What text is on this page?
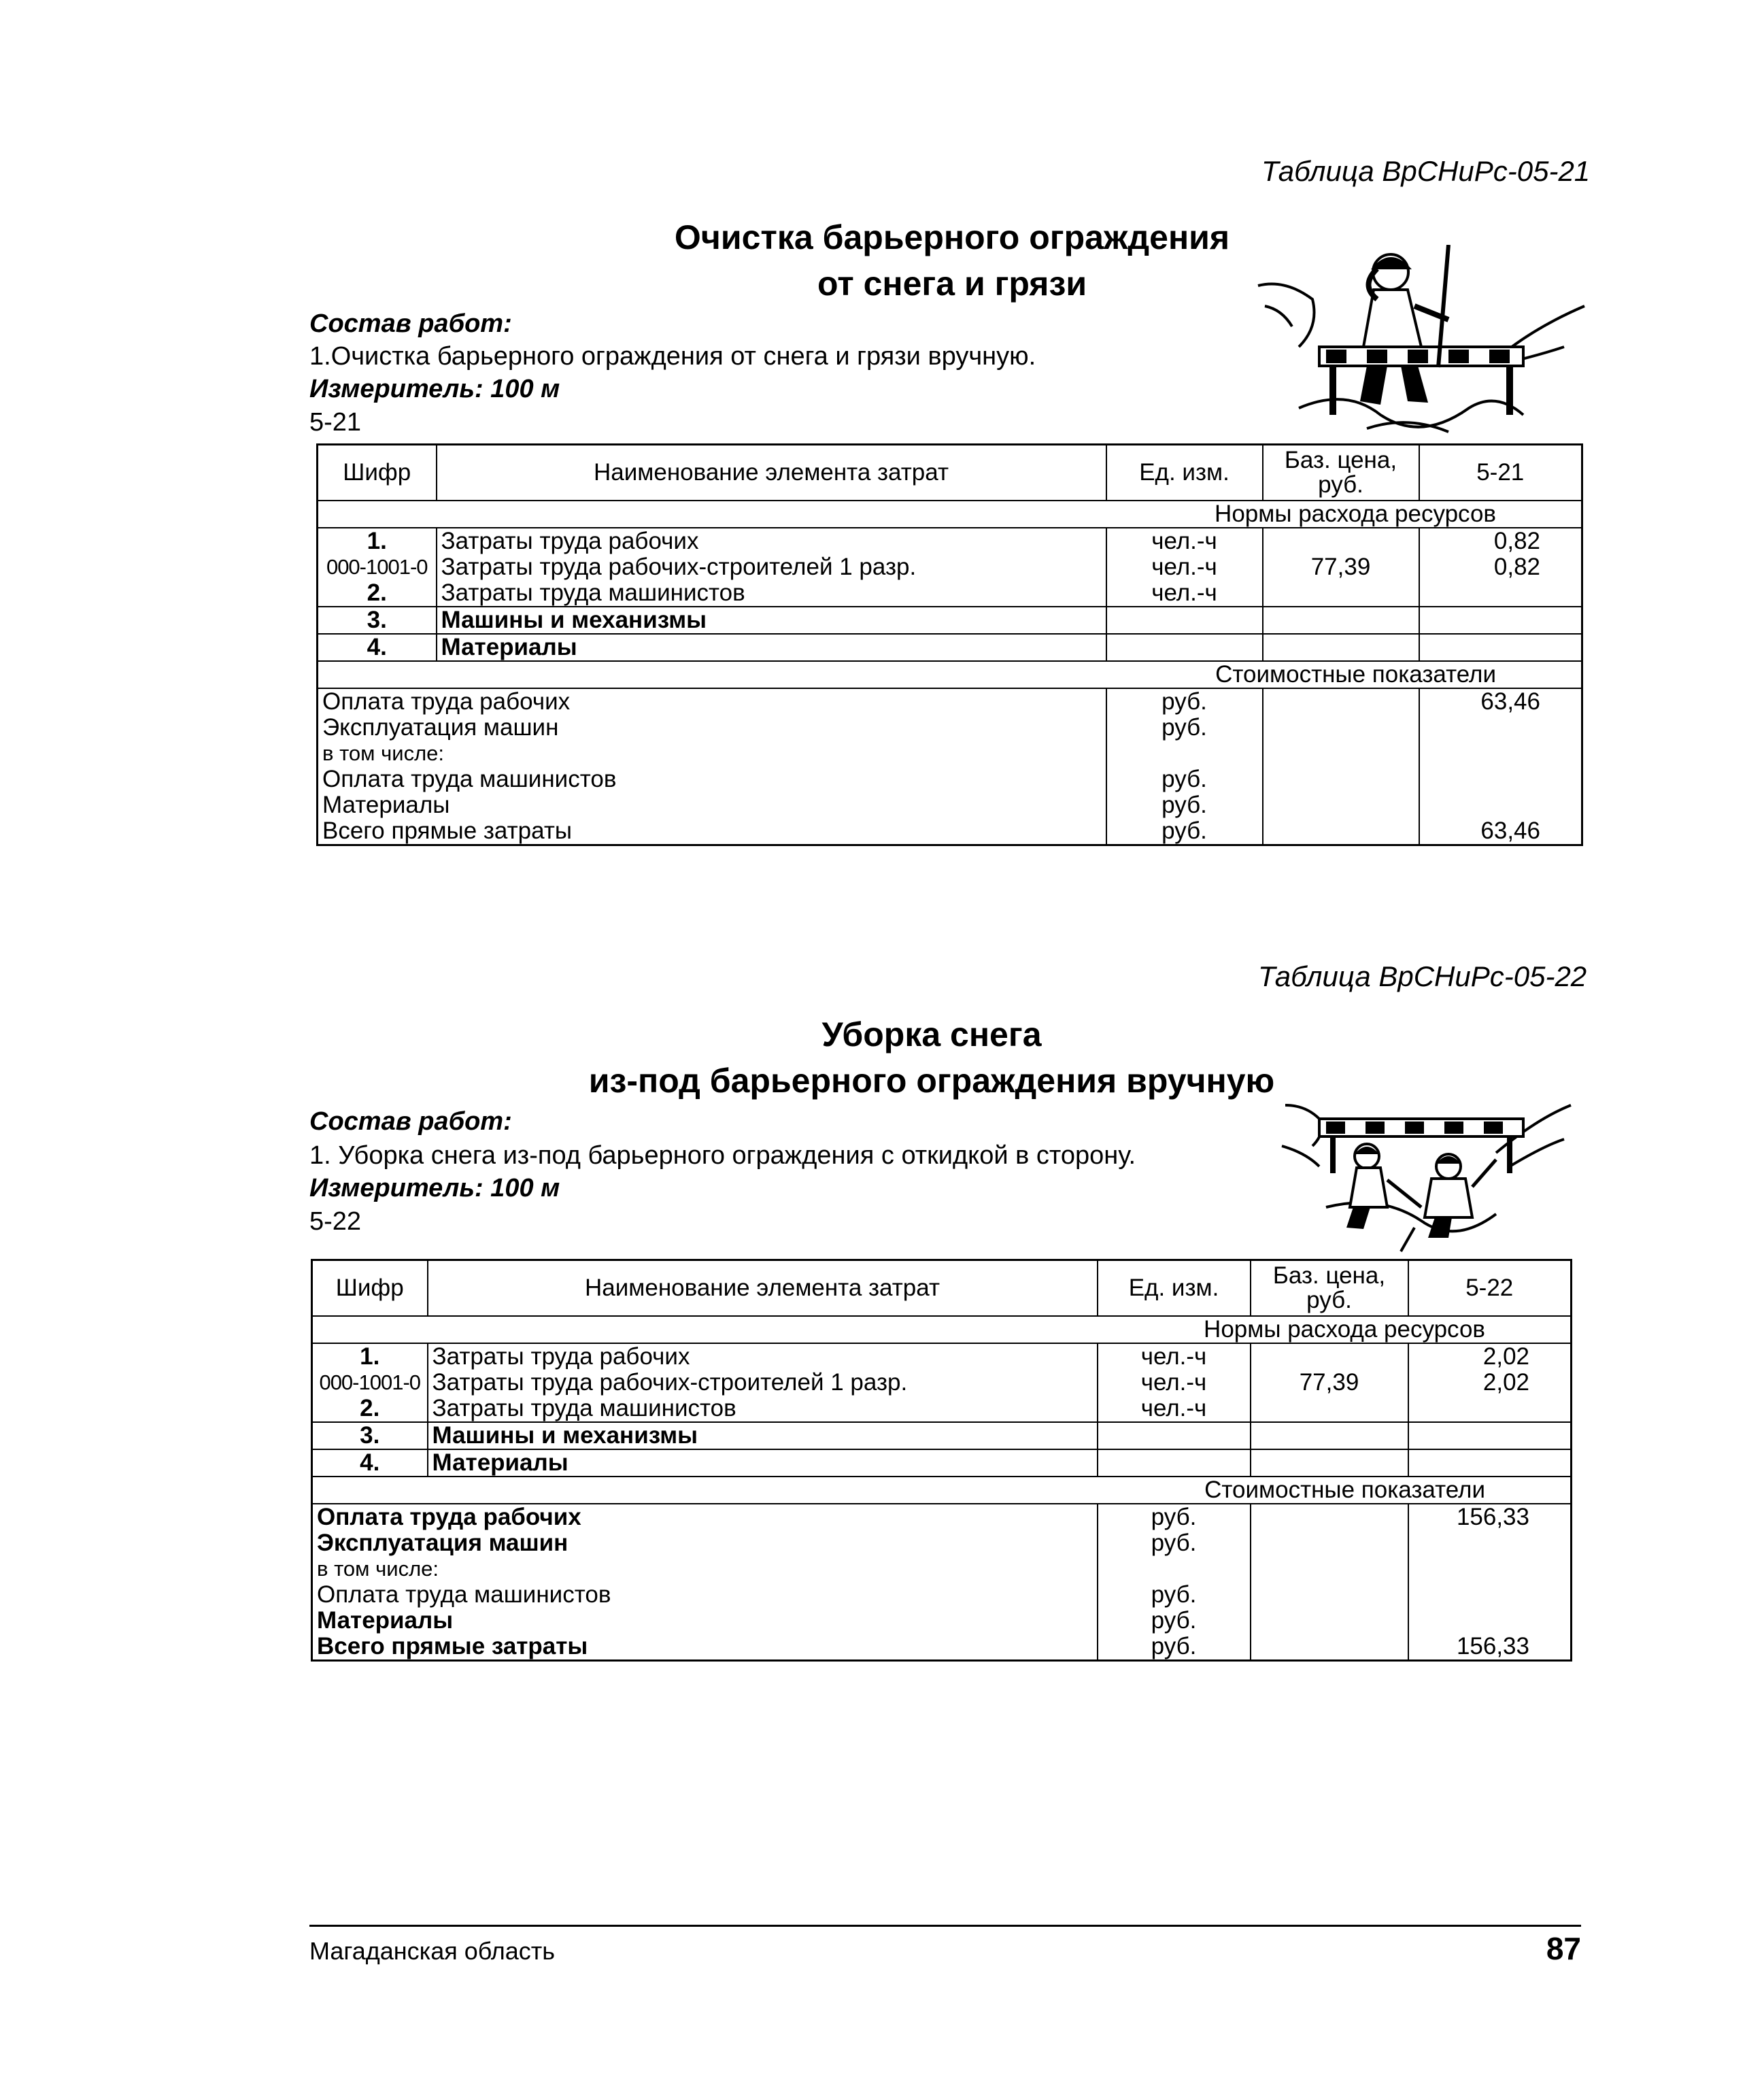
Таблица ВрСНиРс-05-21
Очистка барьерного ограждения
от снега и грязи
Состав работ:
1.Очистка барьерного ограждения от снега и грязи вручную.
Измеритель: 100 м
5-21
Шифр	Наименование элемента затрат	Ед. изм.	Баз. цена, руб.	5-21
Нормы расхода ресурсов				
1.	Затраты труда рабочих	чел.-ч		0,82
000-1001-0	Затраты труда рабочих-строителей 1 разр.	чел.-ч	77,39	0,82
2.	Затраты труда машинистов	чел.-ч		
3.	Машины и механизмы			
4.	Материалы			
Стоимостные показатели				
Оплата труда рабочих		руб.		63,46
Эксплуатация машин		руб.		
в том числе:				
Оплата труда машинистов		руб.		
Материалы		руб.		
Всего прямые затраты		руб.		63,46
Таблица ВрСНиРс-05-22
Уборка снега
из-под барьерного ограждения вручную
Состав работ:
1. Уборка снега из-под барьерного ограждения с откидкой в сторону.
Измеритель: 100 м
5-22
Шифр	Наименование элемента затрат	Ед. изм.	Баз. цена, руб.	5-22
Нормы расхода ресурсов				
1.	Затраты труда рабочих	чел.-ч		2,02
000-1001-0	Затраты труда рабочих-строителей 1 разр.	чел.-ч	77,39	2,02
2.	Затраты труда машинистов	чел.-ч		
3.	Машины и механизмы			
4.	Материалы			
Стоимостные показатели				
Оплата труда рабочих		руб.		156,33
Эксплуатация машин		руб.		
в том числе:				
Оплата труда машинистов		руб.		
Материалы		руб.		
Всего прямые затраты		руб.		156,33
Магаданская область	87
